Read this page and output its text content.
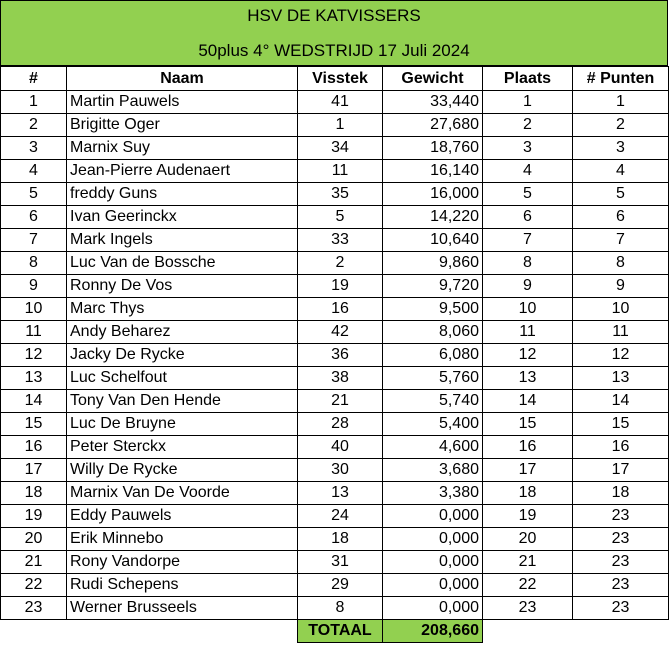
HSV DE KATVISSERS
50plus 4° WEDSTRIJD 17 Juli 2024
#	Naam	Visstek	Gewicht	Plaats	# Punten
1	Martin Pauwels	41	33,440	1	1
2	Brigitte Oger	1	27,680	2	2
3	Marnix Suy	34	18,760	3	3
4	Jean-Pierre Audenaert	11	16,140	4	4
5	freddy Guns	35	16,000	5	5
6	Ivan Geerinckx	5	14,220	6	6
7	Mark Ingels	33	10,640	7	7
8	Luc Van de Bossche	2	9,860	8	8
9	Ronny De Vos	19	9,720	9	9
10	Marc Thys	16	9,500	10	10
11	Andy Beharez	42	8,060	11	11
12	Jacky De Rycke	36	6,080	12	12
13	Luc Schelfout	38	5,760	13	13
14	Tony Van Den Hende	21	5,740	14	14
15	Luc De Bruyne	28	5,400	15	15
16	Peter Sterckx	40	4,600	16	16
17	Willy De Rycke	30	3,680	17	17
18	Marnix Van De Voorde	13	3,380	18	18
19	Eddy Pauwels	24	0,000	19	23
20	Erik Minnebo	18	0,000	20	23
21	Rony Vandorpe	31	0,000	21	23
22	Rudi Schepens	29	0,000	22	23
23	Werner Brusseels	8	0,000	23	23
		TOTAAL	208,660		
